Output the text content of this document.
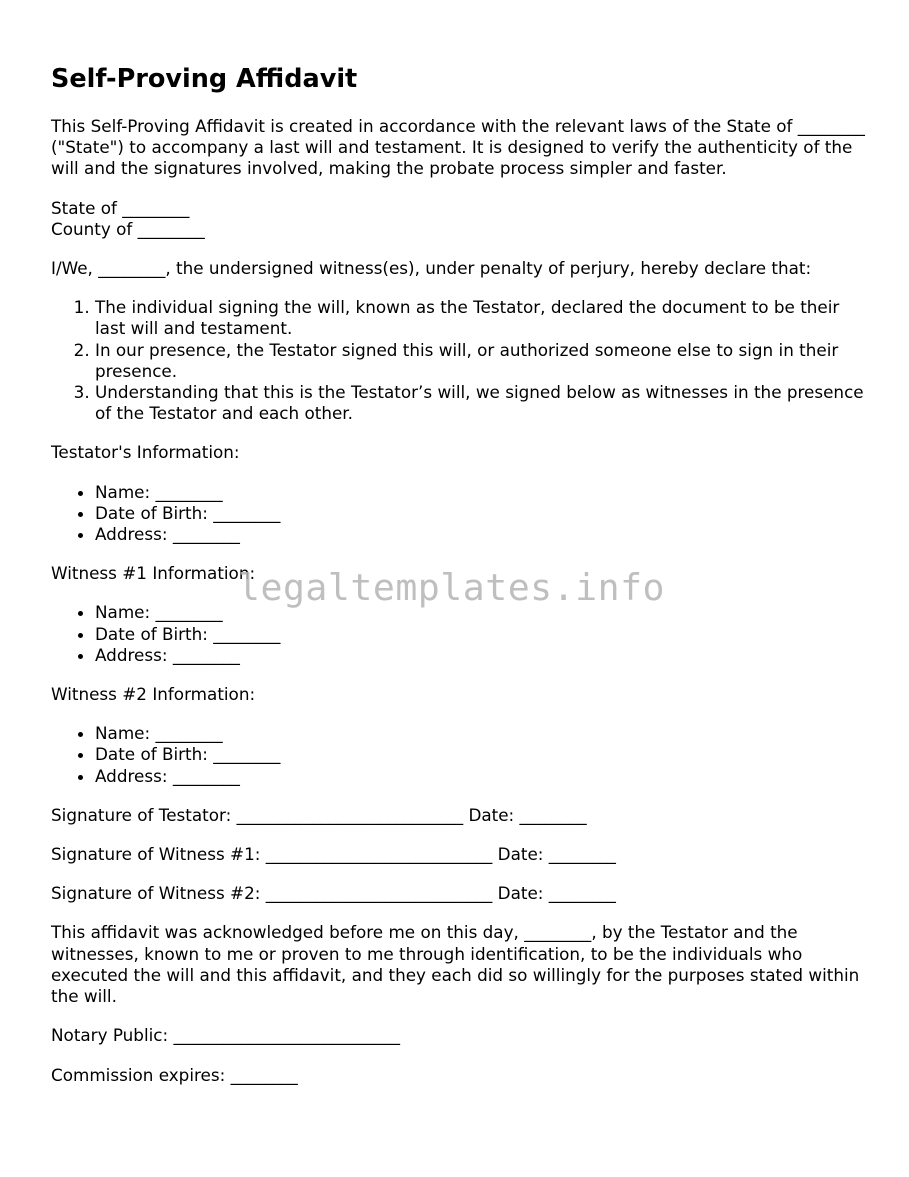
Self-Proving Affidavit

This Self-Proving Affidavit is created in accordance with the relevant laws of the State of ________ ("State") to accompany a last will and testament. It is designed to verify the authenticity of the will and the signatures involved, making the probate process simpler and faster.

State of ________
County of ________

I/We, ________, the undersigned witness(es), under penalty of perjury, hereby declare that:

1. The individual signing the will, known as the Testator, declared the document to be their last will and testament.
2. In our presence, the Testator signed this will, or authorized someone else to sign in their presence.
3. Understanding that this is the Testator’s will, we signed below as witnesses in the presence of the Testator and each other.

Testator's Information:

• Name: ________
• Date of Birth: ________
• Address: ________

Witness #1 Information:

• Name: ________
• Date of Birth: ________
• Address: ________

Witness #2 Information:

• Name: ________
• Date of Birth: ________
• Address: ________

Signature of Testator: ___________________________ Date: ________

Signature of Witness #1: ___________________________ Date: ________

Signature of Witness #2: ___________________________ Date: ________

This affidavit was acknowledged before me on this day, ________, by the Testator and the witnesses, known to me or proven to me through identification, to be the individuals who executed the will and this affidavit, and they each did so willingly for the purposes stated within the will.

Notary Public: ___________________________

Commission expires: ________

legaltemplates.info
